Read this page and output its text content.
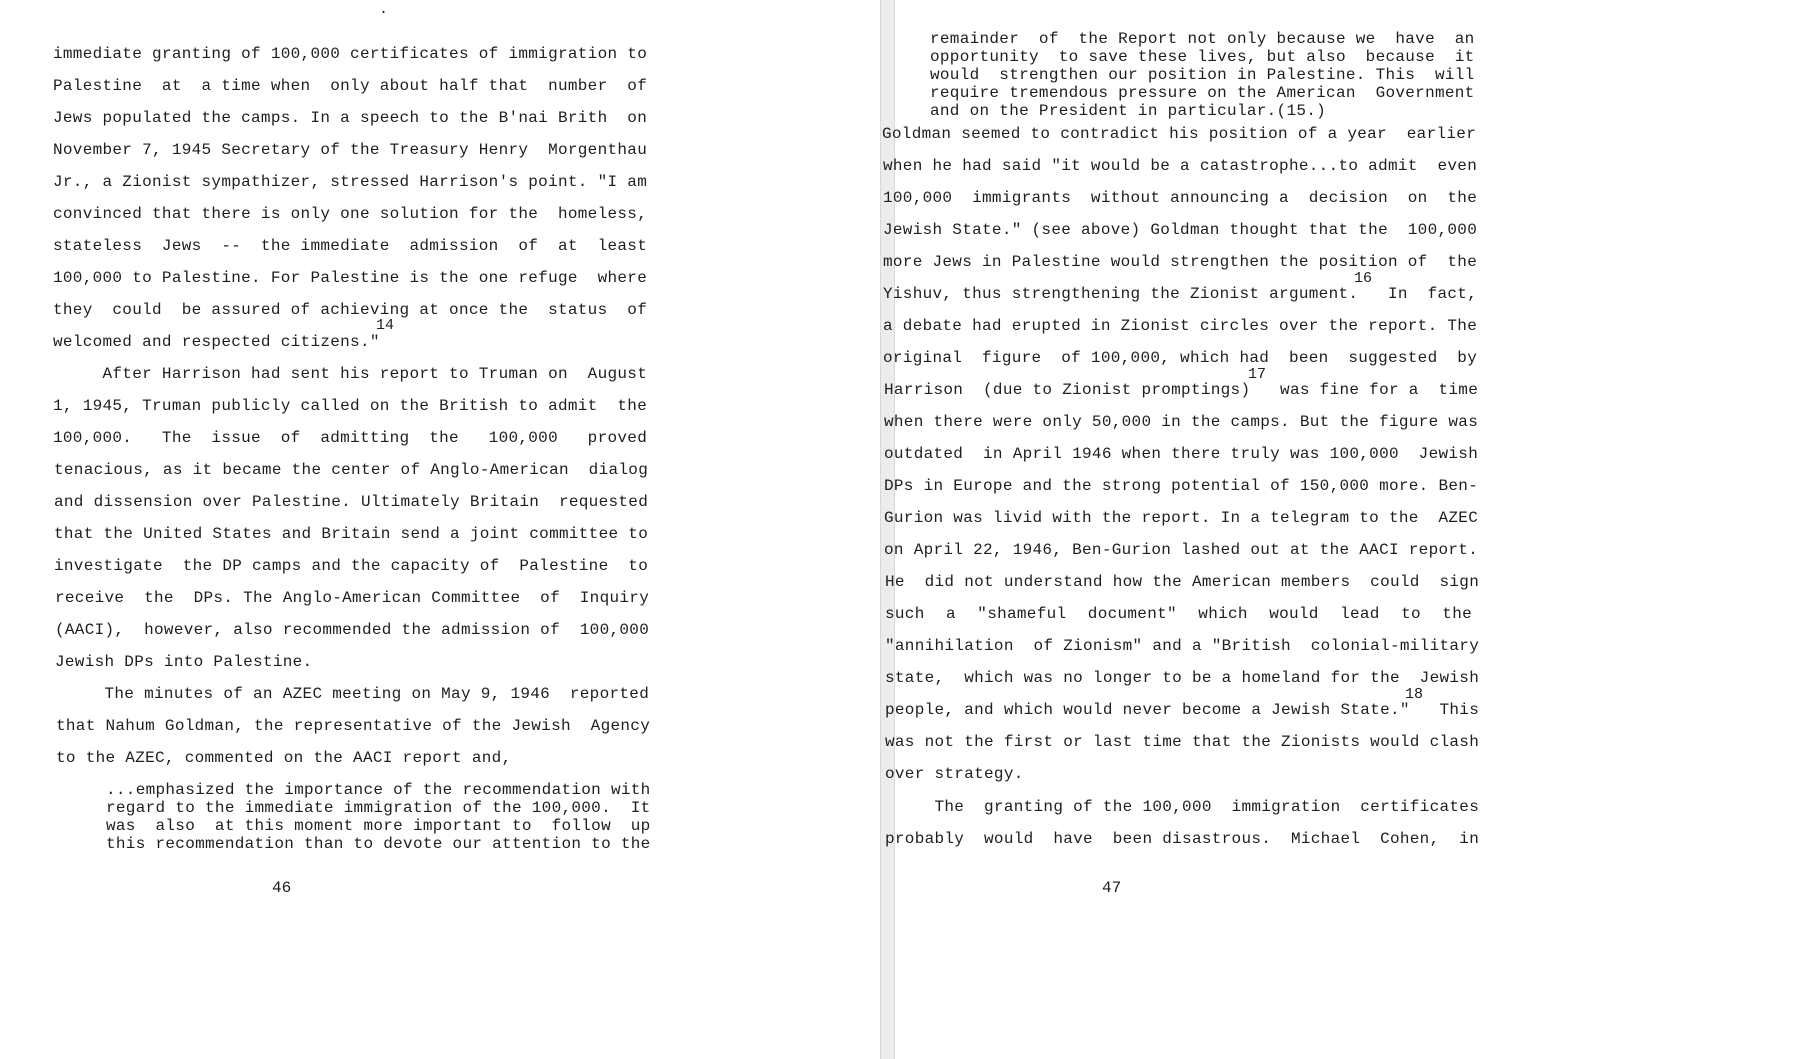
·
immediate granting of 100,000 certificates of immigration to
Palestine  at  a time when  only about half that  number  of
Jews populated the camps. In a speech to the B'nai Brith  on
November 7, 1945 Secretary of the Treasury Henry  Morgenthau
Jr., a Zionist sympathizer, stressed Harrison's point. "I am
convinced that there is only one solution for the  homeless,
stateless  Jews  --  the immediate  admission  of  at  least
100,000 to Palestine. For Palestine is the one refuge  where
they  could  be assured of achieving at once the  status  of
14
welcomed and respected citizens."
After Harrison had sent his report to Truman on  August
1, 1945, Truman publicly called on the British to admit  the
100,000.   The  issue  of  admitting  the   100,000   proved
tenacious, as it became the center of Anglo-American  dialog
and dissension over Palestine. Ultimately Britain  requested
that the United States and Britain send a joint committee to
investigate  the DP camps and the capacity of  Palestine  to
receive  the  DPs. The Anglo-American Committee  of  Inquiry
(AACI),  however, also recommended the admission of  100,000
Jewish DPs into Palestine.
The minutes of an AZEC meeting on May 9, 1946  reported
that Nahum Goldman, the representative of the Jewish  Agency
to the AZEC, commented on the AACI report and,
...emphasized the importance of the recommendation with
regard to the immediate immigration of the 100,000.  It
was  also  at this moment more important to  follow  up
this recommendation than to devote our attention to the
46
remainder  of  the Report not only because we  have  an
opportunity  to save these lives, but also  because  it
would  strengthen our position in Palestine. This  will
require tremendous pressure on the American  Government
and on the President in particular.(15.)
Goldman seemed to contradict his position of a year  earlier
when he had said "it would be a catastrophe...to admit  even
100,000  immigrants  without announcing a  decision  on  the
Jewish State." (see above) Goldman thought that the  100,000
more Jews in Palestine would strengthen the position of  the
16
Yishuv, thus strengthening the Zionist argument.   In  fact,
a debate had erupted in Zionist circles over the report. The
original  figure  of 100,000, which had  been  suggested  by
17
Harrison  (due to Zionist promptings)   was fine for a  time
when there were only 50,000 in the camps. But the figure was
outdated  in April 1946 when there truly was 100,000  Jewish
DPs in Europe and the strong potential of 150,000 more. Ben-
Gurion was livid with the report. In a telegram to the  AZEC
on April 22, 1946, Ben-Gurion lashed out at the AACI report.
He  did not understand how the American members  could  sign
such  a  "shameful  document"  which  would  lead  to  the
"annihilation  of Zionism" and a "British  colonial-military
state,  which was no longer to be a homeland for the  Jewish
18
people, and which would never become a Jewish State."   This
was not the first or last time that the Zionists would clash
over strategy.
The  granting of the 100,000  immigration  certificates
probably  would  have  been disastrous.  Michael  Cohen,  in
47
